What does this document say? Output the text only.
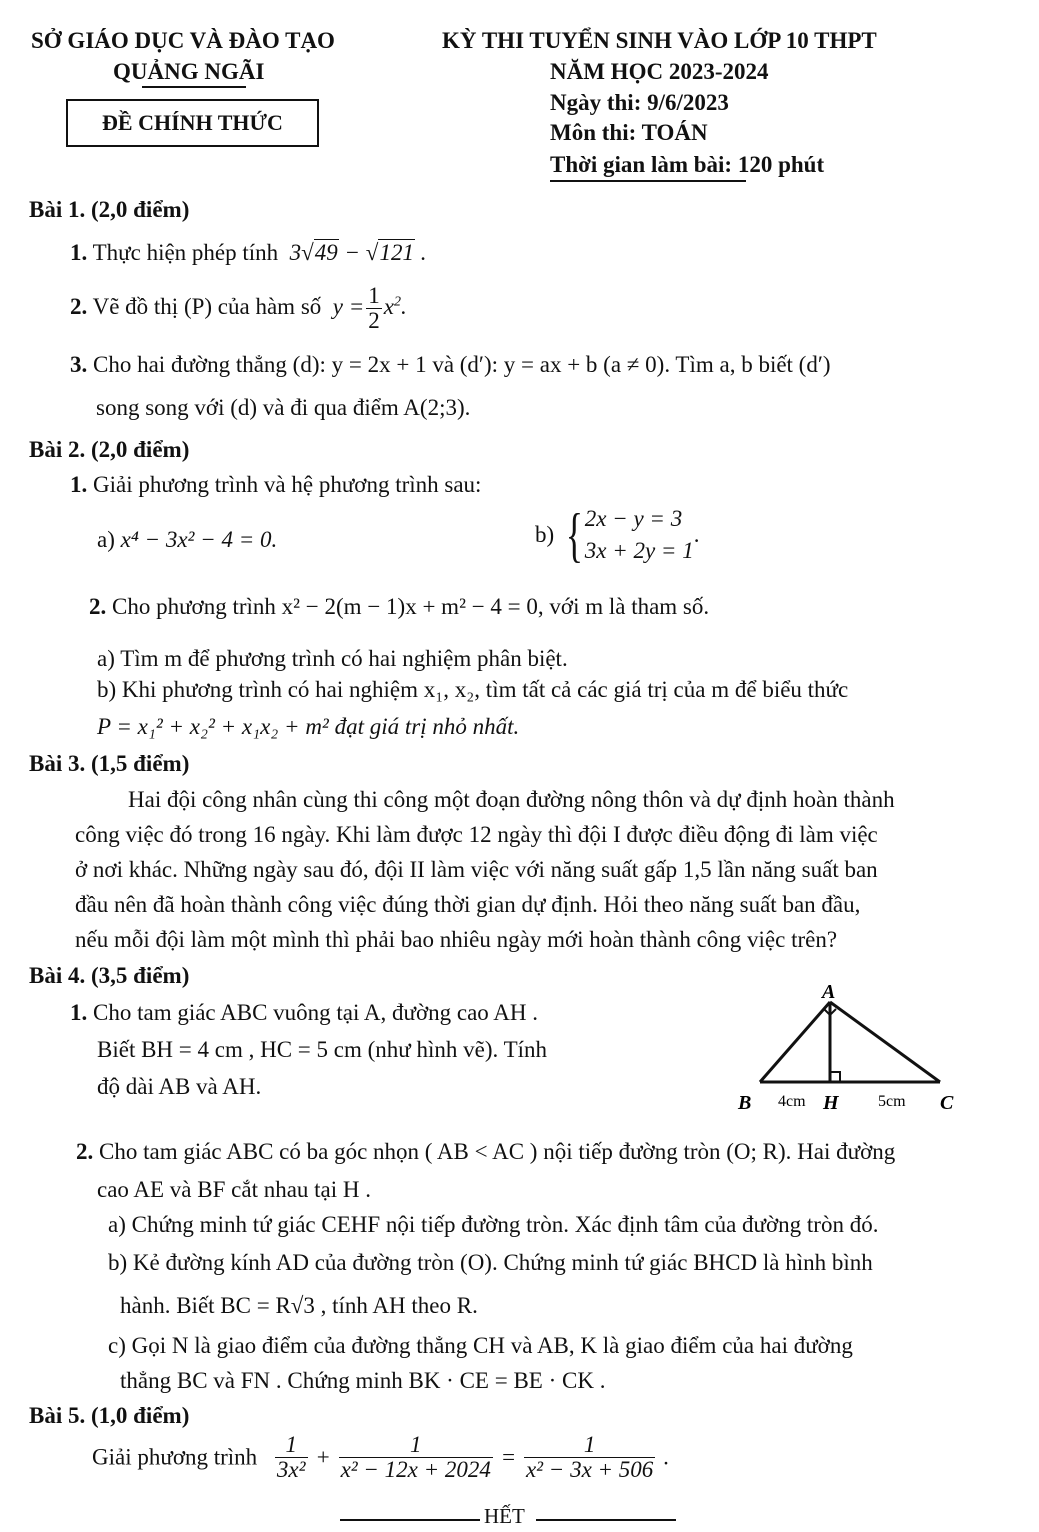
SỞ GIÁO DỤC VÀ ĐÀO TẠO
QUẢNG NGÃI
ĐỀ CHÍNH THỨC
KỲ THI TUYỂN SINH VÀO LỚP 10 THPT
NĂM HỌC 2023-2024
Ngày thi: 9/6/2023
Môn thi: TOÁN
Thời gian làm bài: 120 phút
Bài 1. (2,0 điểm)
1. Thực hiện phép tính  3√49 − √121 .
2. Vẽ đồ thị (P) của hàm số  $y = \frac{1}{2} x^2$.
3. Cho hai đường thẳng (d): y = 2x + 1 và (d′): y = ax + b (a ≠ 0). Tìm a, b biết (d′)
song song với (d) và đi qua điểm A(2;3).
Bài 2. (2,0 điểm)
1. Giải phương trình và hệ phương trình sau:
a) x⁴ − 3x² − 4 = 0.	b) {2x − y = 3
3x + 2y = 1.
2. Cho phương trình x² − 2(m − 1)x + m² − 4 = 0, với m là tham số.
a) Tìm m để phương trình có hai nghiệm phân biệt.
b) Khi phương trình có hai nghiệm x₁, x₂, tìm tất cả các giá trị của m để biểu thức
P = x₁² + x₂² + x₁x₂ + m² đạt giá trị nhỏ nhất.
Bài 3. (1,5 điểm)
Hai đội công nhân cùng thi công một đoạn đường nông thôn và dự định hoàn thành
công việc đó trong 16 ngày. Khi làm được 12 ngày thì đội I được điều động đi làm việc
ở nơi khác. Những ngày sau đó, đội II làm việc với năng suất gấp 1,5 lần năng suất ban
đầu nên đã hoàn thành công việc đúng thời gian dự định. Hỏi theo năng suất ban đầu,
nếu mỗi đội làm một mình thì phải bao nhiêu ngày mới hoàn thành công việc trên?
Bài 4. (3,5 điểm)
1. Cho tam giác ABC vuông tại A, đường cao AH .
Biết BH = 4 cm , HC = 5 cm (như hình vẽ). Tính
độ dài AB và AH.
A
B	C
H
4cm	5cm
2. Cho tam giác ABC có ba góc nhọn ( AB < AC ) nội tiếp đường tròn (O; R). Hai đường
cao AE và BF cắt nhau tại H .
a) Chứng minh tứ giác CEHF nội tiếp đường tròn. Xác định tâm của đường tròn đó.
b) Kẻ đường kính AD của đường tròn (O). Chứng minh tứ giác BHCD là hình bình
hành. Biết BC = R√3 , tính AH theo R.
c) Gọi N là giao điểm của đường thẳng CH và AB, K là giao điểm của hai đường
thẳng BC và FN . Chứng minh BK · CE = BE · CK .
Bài 5. (1,0 điểm)
Giải phương trình $\frac{1}{\text{3x²}} + \frac{1}{\text{x² − 12x + 2024}} = \frac{1}{\text{x² − 3x + 506}}$ .
HẾT
